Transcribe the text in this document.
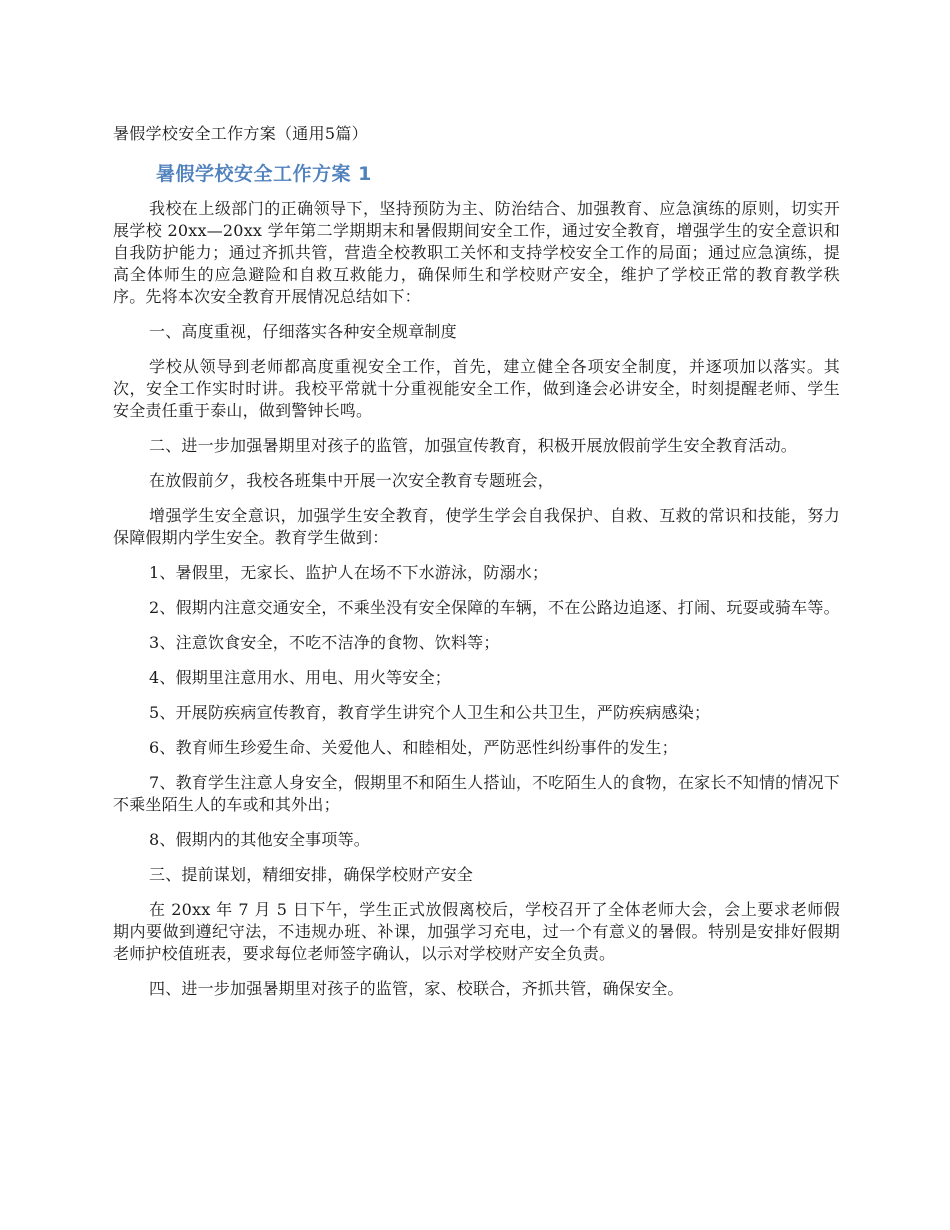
暑假学校安全工作方案（通用5篇）
暑假学校安全工作方案 1

我校在上级部门的正确领导下，坚持预防为主、防治结合、加强教育、应急演练的原则，切实开展学校 20xx—20xx 学年第二学期期末和暑假期间安全工作，通过安全教育，增强学生的安全意识和自我防护能力；通过齐抓共管，营造全校教职工关怀和支持学校安全工作的局面；通过应急演练，提高全体师生的应急避险和自救互救能力，确保师生和学校财产安全，维护了学校正常的教育教学秩序。先将本次安全教育开展情况总结如下：

一、高度重视，仔细落实各种安全规章制度

学校从领导到老师都高度重视安全工作，首先，建立健全各项安全制度，并逐项加以落实。其次，安全工作实时时讲。我校平常就十分重视能安全工作，做到逢会必讲安全，时刻提醒老师、学生安全责任重于泰山，做到警钟长鸣。

二、进一步加强暑期里对孩子的监管，加强宣传教育，积极开展放假前学生安全教育活动。

在放假前夕，我校各班集中开展一次安全教育专题班会，

增强学生安全意识，加强学生安全教育，使学生学会自我保护、自救、互救的常识和技能，努力保障假期内学生安全。教育学生做到：

1、暑假里，无家长、监护人在场不下水游泳，防溺水；

2、假期内注意交通安全，不乘坐没有安全保障的车辆，不在公路边追逐、打闹、玩耍或骑车等。

3、注意饮食安全，不吃不洁净的食物、饮料等；

4、假期里注意用水、用电、用火等安全；

5、开展防疾病宣传教育，教育学生讲究个人卫生和公共卫生，严防疾病感染；

6、教育师生珍爱生命、关爱他人、和睦相处，严防恶性纠纷事件的发生；

7、教育学生注意人身安全，假期里不和陌生人搭讪，不吃陌生人的食物，在家长不知情的情况下不乘坐陌生人的车或和其外出；

8、假期内的其他安全事项等。

三、提前谋划，精细安排，确保学校财产安全

在 20xx 年 7 月 5 日下午，学生正式放假离校后，学校召开了全体老师大会，会上要求老师假期内要做到遵纪守法，不违规办班、补课，加强学习充电，过一个有意义的暑假。特别是安排好假期老师护校值班表，要求每位老师签字确认，以示对学校财产安全负责。

四、进一步加强暑期里对孩子的监管，家、校联合，齐抓共管，确保安全。
